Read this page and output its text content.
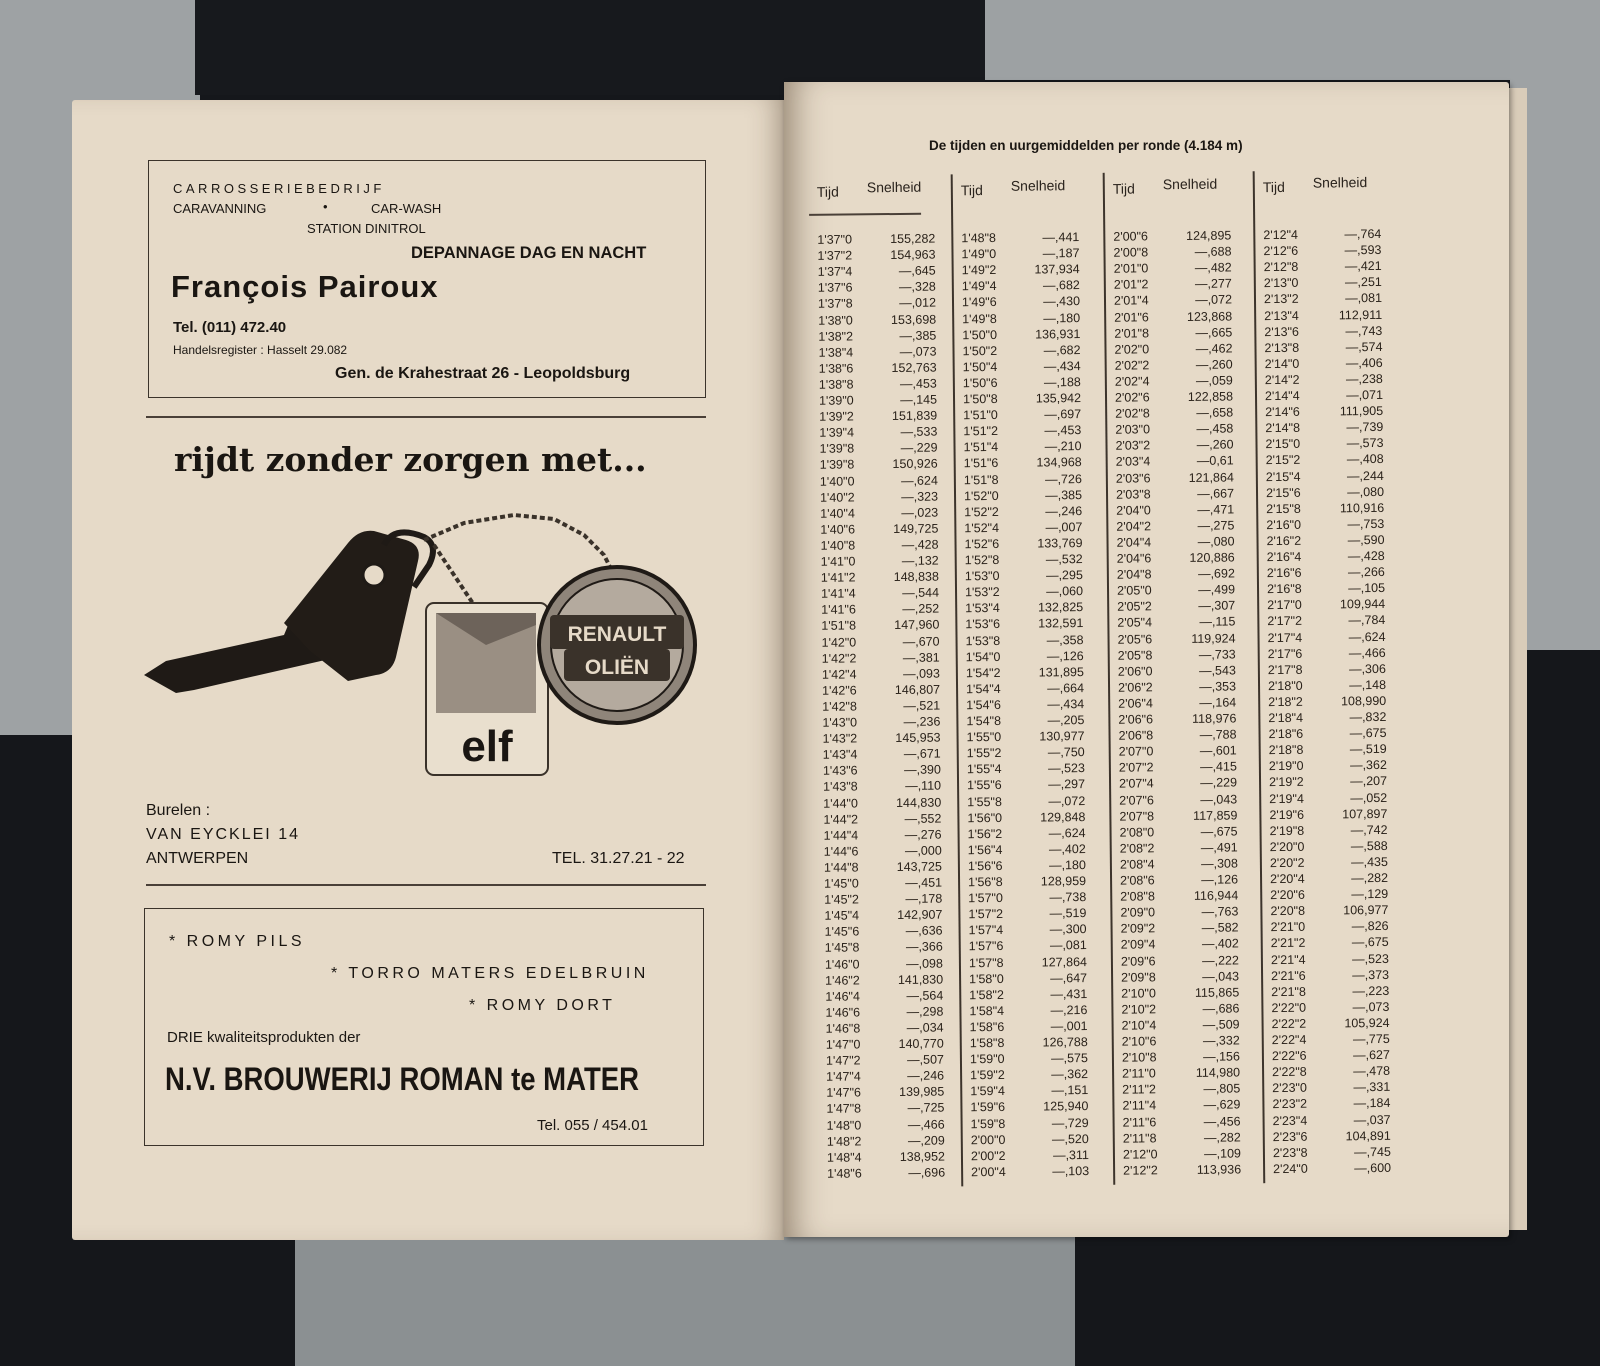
CARROSSERIEBEDRIJF
CARAVANNING	•	CAR-WASH
STATION DINITROL
DEPANNAGE DAG EN NACHT
François Pairoux
Tel. (011) 472.40
Handelsregister : Hasselt 29.082
Gen. de Krahestraat 26 - Leopoldsburg
rijdt zonder zorgen met...
elf
RENAULT
OLIËN
Burelen :
VAN EYCKLEI 14
ANTWERPEN	TEL. 31.27.21 - 22
* ROMY PILS
* TORRO MATERS EDELBRUIN
* ROMY DORT
DRIE kwaliteitsprodukten der
N.V. BROUWERIJ ROMAN te MATER
Tel. 055 / 454.01
De tijden en uurgemiddelden per ronde (4.184 m)
Tijd Snelheid
1'37"0	155,282
1'37"2	154,963
1'37"4	—,645
1'37"6	—,328
1'37"8	—,012
1'38"0	153,698
1'38"2	—,385
1'38"4	—,073
1'38"6	152,763
1'38"8	—,453
1'39"0	—,145
1'39"2	151,839
1'39"4	—,533
1'39"8	—,229
1'39"8	150,926
1'40"0	—,624
1'40"2	—,323
1'40"4	—,023
1'40"6	149,725
1'40"8	—,428
1'41"0	—,132
1'41"2	148,838
1'41"4	—,544
1'41"6	—,252
1'51"8	147,960
1'42"0	—,670
1'42"2	—,381
1'42"4	—,093
1'42"6	146,807
1'42"8	—,521
1'43"0	—,236
1'43"2	145,953
1'43"4	—,671
1'43"6	—,390
1'43"8	—,110
1'44"0	144,830
1'44"2	—,552
1'44"4	—,276
1'44"6	—,000
1'44"8	143,725
1'45"0	—,451
1'45"2	—,178
1'45"4	142,907
1'45"6	—,636
1'45"8	—,366
1'46"0	—,098
1'46"2	141,830
1'46"4	—,564
1'46"6	—,298
1'46"8	—,034
1'47"0	140,770
1'47"2	—,507
1'47"4	—,246
1'47"6	139,985
1'47"8	—,725
1'48"0	—,466
1'48"2	—,209
1'48"4	138,952
1'48"6	—,696
Tijd Snelheid
1'48"8	—,441
1'49"0	—,187
1'49"2	137,934
1'49"4	—,682
1'49"6	—,430
1'49"8	—,180
1'50"0	136,931
1'50"2	—,682
1'50"4	—,434
1'50"6	—,188
1'50"8	135,942
1'51"0	—,697
1'51"2	—,453
1'51"4	—,210
1'51"6	134,968
1'51"8	—,726
1'52"0	—,385
1'52"2	—,246
1'52"4	—,007
1'52"6	133,769
1'52"8	—,532
1'53"0	—,295
1'53"2	—,060
1'53"4	132,825
1'53"6	132,591
1'53"8	—,358
1'54"0	—,126
1'54"2	131,895
1'54"4	—,664
1'54"6	—,434
1'54"8	—,205
1'55"0	130,977
1'55"2	—,750
1'55"4	—,523
1'55"6	—,297
1'55"8	—,072
1'56"0	129,848
1'56"2	—,624
1'56"4	—,402
1'56"6	—,180
1'56"8	128,959
1'57"0	—,738
1'57"2	—,519
1'57"4	—,300
1'57"6	—,081
1'57"8	127,864
1'58"0	—,647
1'58"2	—,431
1'58"4	—,216
1'58"6	—,001
1'58"8	126,788
1'59"0	—,575
1'59"2	—,362
1'59"4	—,151
1'59"6	125,940
1'59"8	—,729
2'00"0	—,520
2'00"2	—,311
2'00"4	—,103
Tijd Snelheid
2'00"6	124,895
2'00"8	—,688
2'01"0	—,482
2'01"2	—,277
2'01"4	—,072
2'01"6	123,868
2'01"8	—,665
2'02"0	—,462
2'02"2	—,260
2'02"4	—,059
2'02"6	122,858
2'02"8	—,658
2'03"0	—,458
2'03"2	—,260
2'03"4	—0,61
2'03"6	121,864
2'03"8	—,667
2'04"0	—,471
2'04"2	—,275
2'04"4	—,080
2'04"6	120,886
2'04"8	—,692
2'05"0	—,499
2'05"2	—,307
2'05"4	—,115
2'05"6	119,924
2'05"8	—,733
2'06"0	—,543
2'06"2	—,353
2'06"4	—,164
2'06"6	118,976
2'06"8	—,788
2'07"0	—,601
2'07"2	—,415
2'07"4	—,229
2'07"6	—,043
2'07"8	117,859
2'08"0	—,675
2'08"2	—,491
2'08"4	—,308
2'08"6	—,126
2'08"8	116,944
2'09"0	—,763
2'09"2	—,582
2'09"4	—,402
2'09"6	—,222
2'09"8	—,043
2'10"0	115,865
2'10"2	—,686
2'10"4	—,509
2'10"6	—,332
2'10"8	—,156
2'11"0	114,980
2'11"2	—,805
2'11"4	—,629
2'11"6	—,456
2'11"8	—,282
2'12"0	—,109
2'12"2	113,936
Tijd Snelheid
2'12"4	—,764
2'12"6	—,593
2'12"8	—,421
2'13"0	—,251
2'13"2	—,081
2'13"4	112,911
2'13"6	—,743
2'13"8	—,574
2'14"0	—,406
2'14"2	—,238
2'14"4	—,071
2'14"6	111,905
2'14"8	—,739
2'15"0	—,573
2'15"2	—,408
2'15"4	—,244
2'15"6	—,080
2'15"8	110,916
2'16"0	—,753
2'16"2	—,590
2'16"4	—,428
2'16"6	—,266
2'16"8	—,105
2'17"0	109,944
2'17"2	—,784
2'17"4	—,624
2'17"6	—,466
2'17"8	—,306
2'18"0	—,148
2'18"2	108,990
2'18"4	—,832
2'18"6	—,675
2'18"8	—,519
2'19"0	—,362
2'19"2	—,207
2'19"4	—,052
2'19"6	107,897
2'19"8	—,742
2'20"0	—,588
2'20"2	—,435
2'20"4	—,282
2'20"6	—,129
2'20"8	106,977
2'21"0	—,826
2'21"2	—,675
2'21"4	—,523
2'21"6	—,373
2'21"8	—,223
2'22"0	—,073
2'22"2	105,924
2'22"4	—,775
2'22"6	—,627
2'22"8	—,478
2'23"0	—,331
2'23"2	—,184
2'23"4	—,037
2'23"6	104,891
2'23"8	—,745
2'24"0	—,600
